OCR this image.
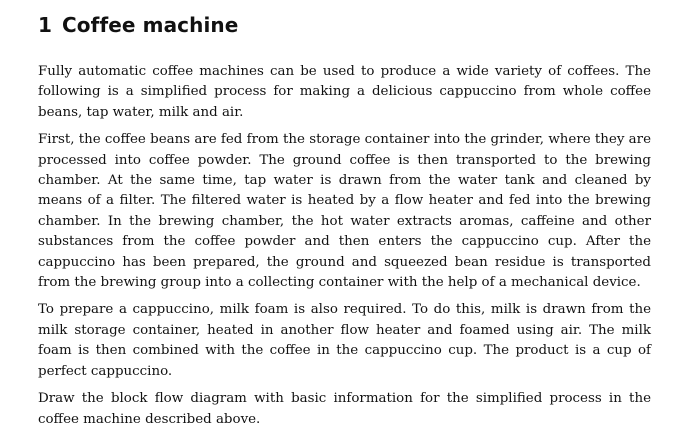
1 Coffee machine

Fully automatic coffee machines can be used to produce a wide variety of coffees. The following is a simplified process for making a delicious cappuccino from whole coffee beans, tap water, milk and air.

First, the coffee beans are fed from the storage container into the grinder, where they are processed into coffee powder. The ground coffee is then transported to the brewing chamber. At the same time, tap water is drawn from the water tank and cleaned by means of a filter. The filtered water is heated by a flow heater and fed into the brewing chamber. In the brewing chamber, the hot water extracts aromas, caffeine and other substances from the coffee powder and then enters the cappuccino cup. After the cappuccino has been prepared, the ground and squeezed bean residue is transported from the brewing group into a collecting container with the help of a mechanical device.

To prepare a cappuccino, milk foam is also required. To do this, milk is drawn from the milk storage container, heated in another flow heater and foamed using air. The milk foam is then combined with the coffee in the cappuccino cup. The product is a cup of perfect cappuccino.

Draw the block flow diagram with basic information for the simplified process in the coffee machine described above.
